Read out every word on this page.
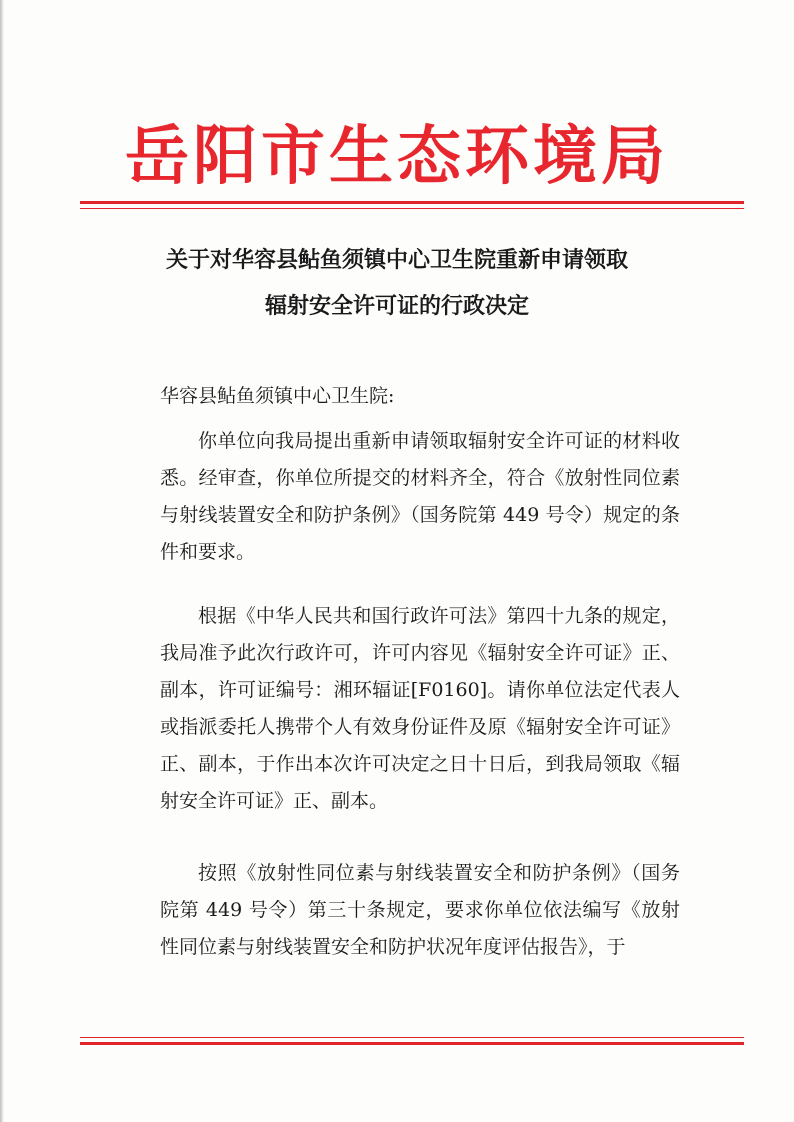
岳阳市生态环境局
关于对华容县鲇鱼须镇中心卫生院重新申请领取
辐射安全许可证的行政决定
华容县鲇鱼须镇中心卫生院:

你单位向我局提出重新申请领取辐射安全许可证的材料收悉。经审查，你单位所提交的材料齐全，符合《放射性同位素与射线装置安全和防护条例》（国务院第 449 号令）规定的条件和要求。

根据《中华人民共和国行政许可法》第四十九条的规定，我局准予此次行政许可，许可内容见《辐射安全许可证》正、副本，许可证编号：湘环辐证[F0160]。请你单位法定代表人或指派委托人携带个人有效身份证件及原《辐射安全许可证》正、副本，于作出本次许可决定之日十日后，到我局领取《辐射安全许可证》正、副本。

按照《放射性同位素与射线装置安全和防护条例》（国务院第 449 号令）第三十条规定，要求你单位依法编写《放射性同位素与射线装置安全和防护状况年度评估报告》，于
